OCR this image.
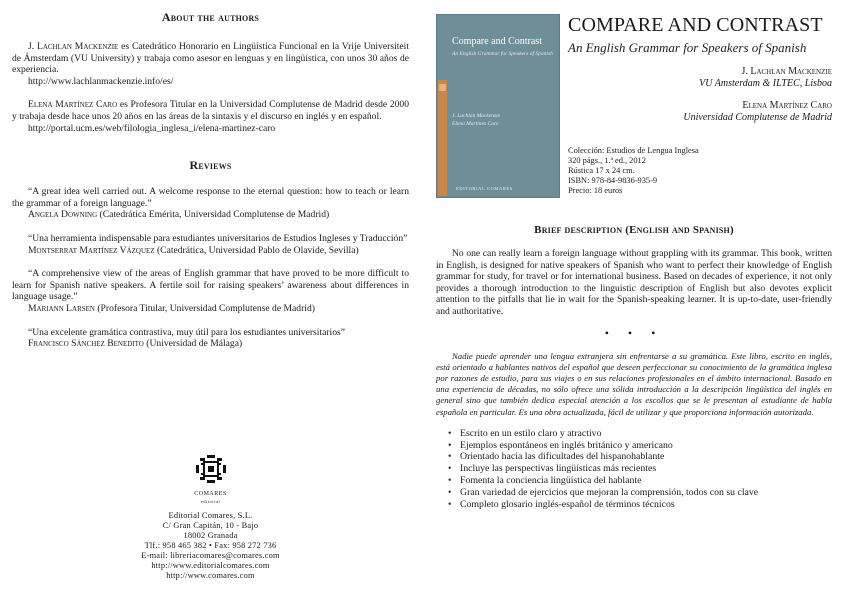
About the authors

J. Lachlan Mackenzie es Catedrático Honorario en Lingüística Funcional en la Vrije Universiteit de Ámsterdam (VU University) y trabaja como asesor en lenguas y en lingüística, con unos 30 años de experiencia.

http://www.lachlanmackenzie.info/es/

Elena Martínez Caro es Profesora Titular en la Universidad Complutense de Madrid desde 2000 y trabaja desde hace unos 20 años en las áreas de la sintaxis y el discurso en inglés y en español.

http://portal.ucm.es/web/filologia_inglesa_i/elena-martinez-caro

Reviews

“A great idea well carried out. A welcome response to the eternal question: how to teach or learn the grammar of a foreign language.”

Angela Downing (Catedrática Emérita, Universidad Complutense de Madrid)

“Una herramienta indispensable para estudiantes universitarios de Estudios Ingleses y Traducción”

Montserrat Martínez Vázquez (Catedrática, Universidad Pablo de Olavide, Sevilla)

“A comprehensive view of the areas of English grammar that have proved to be more difficult to learn for Spanish native speakers. A fertile soil for raising speakers’ awareness about differences in language usage.”

Mariann Larsen (Profesora Titular, Universidad Complutense de Madrid)

“Una excelente gramática contrastiva, muy útil para los estudiantes universitarios”

Francisco Sánchez Benedito (Universidad de Málaga)

COMARES

editorial

Editorial Comares, S.L.

C/ Gran Capitán, 10 - Bajo

18002 Granada

Tlf.: 958 465 382 • Fax: 958 272 736

E-mail: libreriacomares@comares.com

http://www.editorialcomares.com

http://www.comares.com

Compare and Contrast
An English Grammar for Speakers of Spanish
J. Lachlan Mackenzie
Elena Martínez Caro
EDITORIAL COMARES
COMPARE AND CONTRAST

An English Grammar for Speakers of Spanish

J. Lachlan Mackenzie

VU Amsterdam & ILTEC, Lisboa

Elena Martínez Caro

Universidad Complutense de Madrid

Colección: Estudios de Lengua Inglesa

320 págs., 1.ª ed., 2012

Rústica 17 x 24 cm.

ISBN: 978-84-9836-935-9

Precio: 18 euros

Brief description (English and Spanish)

No one can really learn a foreign language without grappling with its grammar. This book, written in English, is designed for native speakers of Spanish who want to perfect their knowledge of English grammar for study, for travel or for international business. Based on decades of experience, it not only provides a thorough introduction to the linguistic description of English but also devotes explicit attention to the pitfalls that lie in wait for the Spanish-speaking learner. It is up-to-date, user-friendly and authoritative.

• • •

Nadie puede aprender una lengua extranjera sin enfrentarse a su gramática. Este libro, escrito en inglés, está orientado a hablantes nativos del español que deseen perfeccionar su conocimiento de la gramática inglesa por razones de estudio, para sus viajes o en sus relaciones profesionales en el ámbito internacional. Basado en una experiencia de décadas, no sólo ofrece una sólida introducción a la descripción lingüística del inglés en general sino que también dedica especial atención a los escollos que se le presentan al estudiante de habla española en particular. Es una obra actualizada, fácil de utilizar y que proporciona información autorizada.

• Escrito en un estilo claro y atractivo
• Ejemplos espontáneos en inglés británico y americano
• Orientado hacia las dificultades del hispanohablante
• Incluye las perspectivas lingüísticas más recientes
• Fomenta la conciencia lingüística del hablante
• Gran variedad de ejercicios que mejoran la comprensión, todos con su clave
• Completo glosario inglés-español de términos técnicos
